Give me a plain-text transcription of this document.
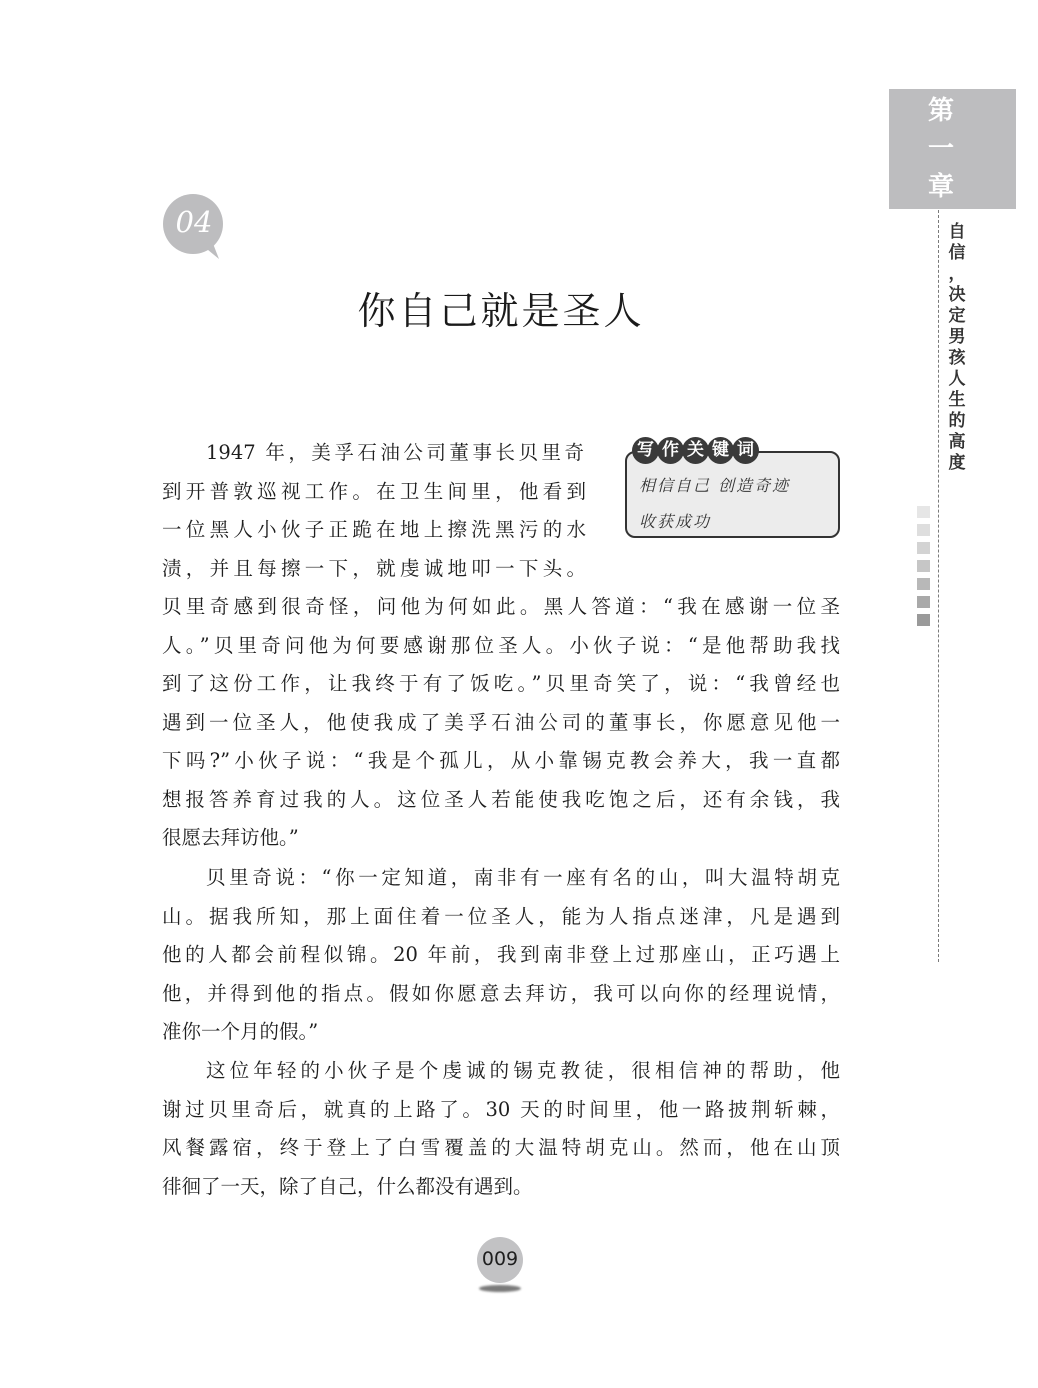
第
一
章
自
信
，
决
定
男
孩
人
生
的
高
度
04
你自己就是圣人
写 作 关 键 词
相信自己 创造奇迹
收获成功
1947 年，美孚石油公司董事长贝里奇
到开普敦巡视工作。在卫生间里，他看到
一位黑人小伙子正跪在地上擦洗黑污的水
渍，并且每擦一下，就虔诚地叩一下头。
贝里奇感到很奇怪，问他为何如此。黑人答道：“我在感谢一位圣
人。”贝里奇问他为何要感谢那位圣人。小伙子说：“是他帮助我找
到了这份工作，让我终于有了饭吃。”贝里奇笑了，说：“我曾经也
遇到一位圣人，他使我成了美孚石油公司的董事长，你愿意见他一
下吗?”小伙子说：“我是个孤儿，从小靠锡克教会养大，我一直都
想报答养育过我的人。这位圣人若能使我吃饱之后，还有余钱，我
很愿去拜访他。”
贝里奇说：“你一定知道，南非有一座有名的山，叫大温特胡克
山。据我所知，那上面住着一位圣人，能为人指点迷津，凡是遇到
他的人都会前程似锦。20 年前，我到南非登上过那座山，正巧遇上
他，并得到他的指点。假如你愿意去拜访，我可以向你的经理说情，
准你一个月的假。”
这位年轻的小伙子是个虔诚的锡克教徒，很相信神的帮助，他
谢过贝里奇后，就真的上路了。30 天的时间里，他一路披荆斩棘，
风餐露宿，终于登上了白雪覆盖的大温特胡克山。然而，他在山顶
徘徊了一天，除了自己，什么都没有遇到。
009
